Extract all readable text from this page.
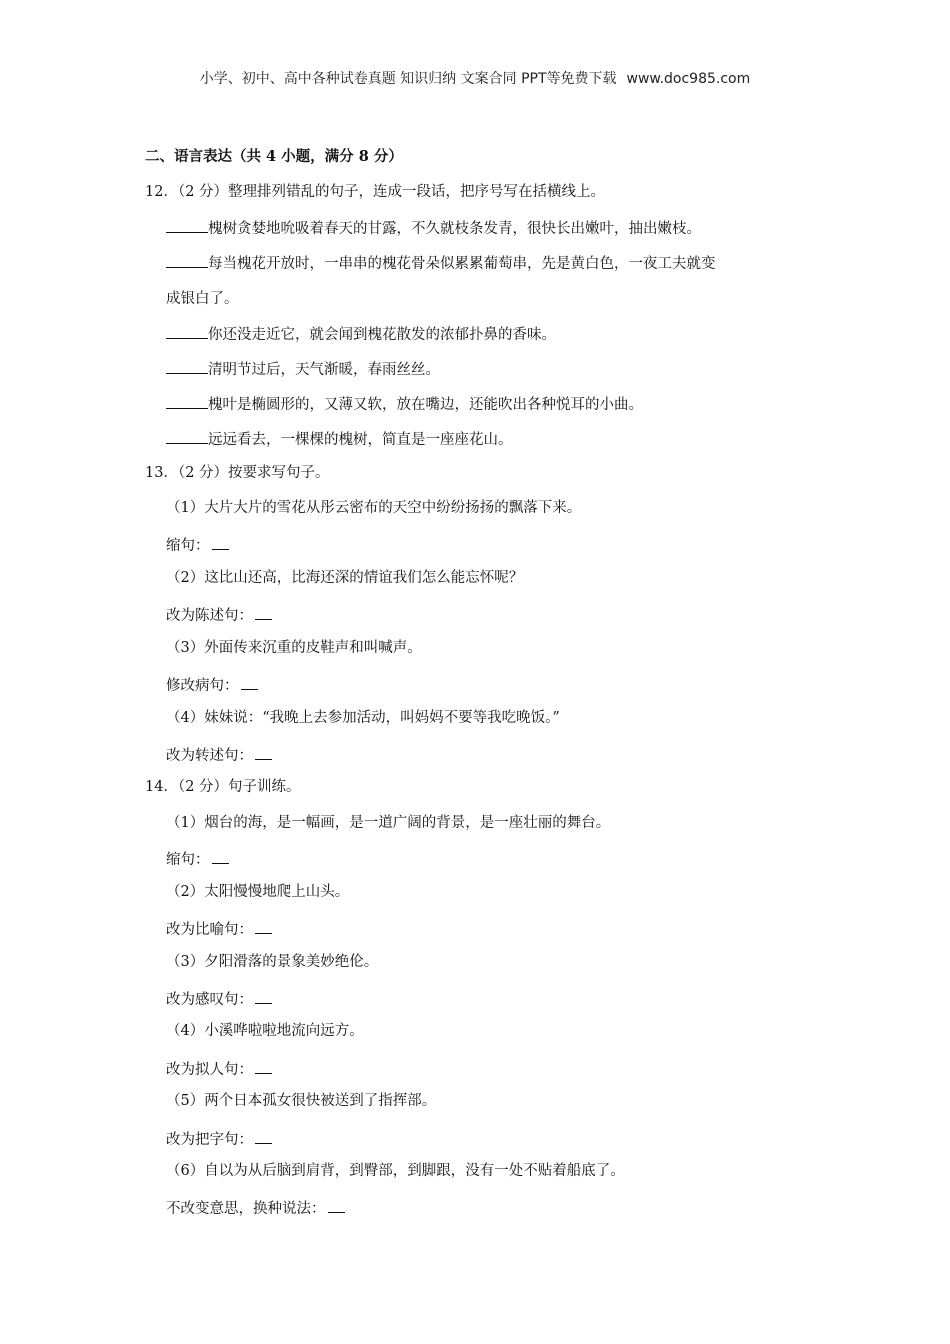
小学、初中、高中各种试卷真题 知识归纳 文案合同 PPT等免费下载 www.doc985.com
二、语言表达（共 4 小题，满分 8 分）
12．（2 分）整理排列错乱的句子，连成一段话，把序号写在括横线上。
槐树贪婪地吮吸着春天的甘露，不久就枝条发青，很快长出嫩叶，抽出嫩枝。
每当槐花开放时，一串串的槐花骨朵似累累葡萄串，先是黄白色，一夜工夫就变
成银白了。
你还没走近它，就会闻到槐花散发的浓郁扑鼻的香味。
清明节过后，天气渐暖，春雨丝丝。
槐叶是椭圆形的，又薄又软，放在嘴边，还能吹出各种悦耳的小曲。
远远看去，一棵棵的槐树，简直是一座座花山。
13．（2 分）按要求写句子。
（1）大片大片的雪花从彤云密布的天空中纷纷扬扬的飘落下来。
缩句：
（2）这比山还高，比海还深的情谊我们怎么能忘怀呢？
改为陈述句：
（3）外面传来沉重的皮鞋声和叫喊声。
修改病句：
（4）妹妹说：“我晚上去参加活动，叫妈妈不要等我吃晚饭。”
改为转述句：
14．（2 分）句子训练。
（1）烟台的海，是一幅画，是一道广阔的背景，是一座壮丽的舞台。
缩句：
（2）太阳慢慢地爬上山头。
改为比喻句：
（3）夕阳滑落的景象美妙绝伦。
改为感叹句：
（4）小溪哗啦啦地流向远方。
改为拟人句：
（5）两个日本孤女很快被送到了指挥部。
改为把字句：
（6）自以为从后脑到肩背，到臀部，到脚跟，没有一处不贴着船底了。
不改变意思，换种说法：
